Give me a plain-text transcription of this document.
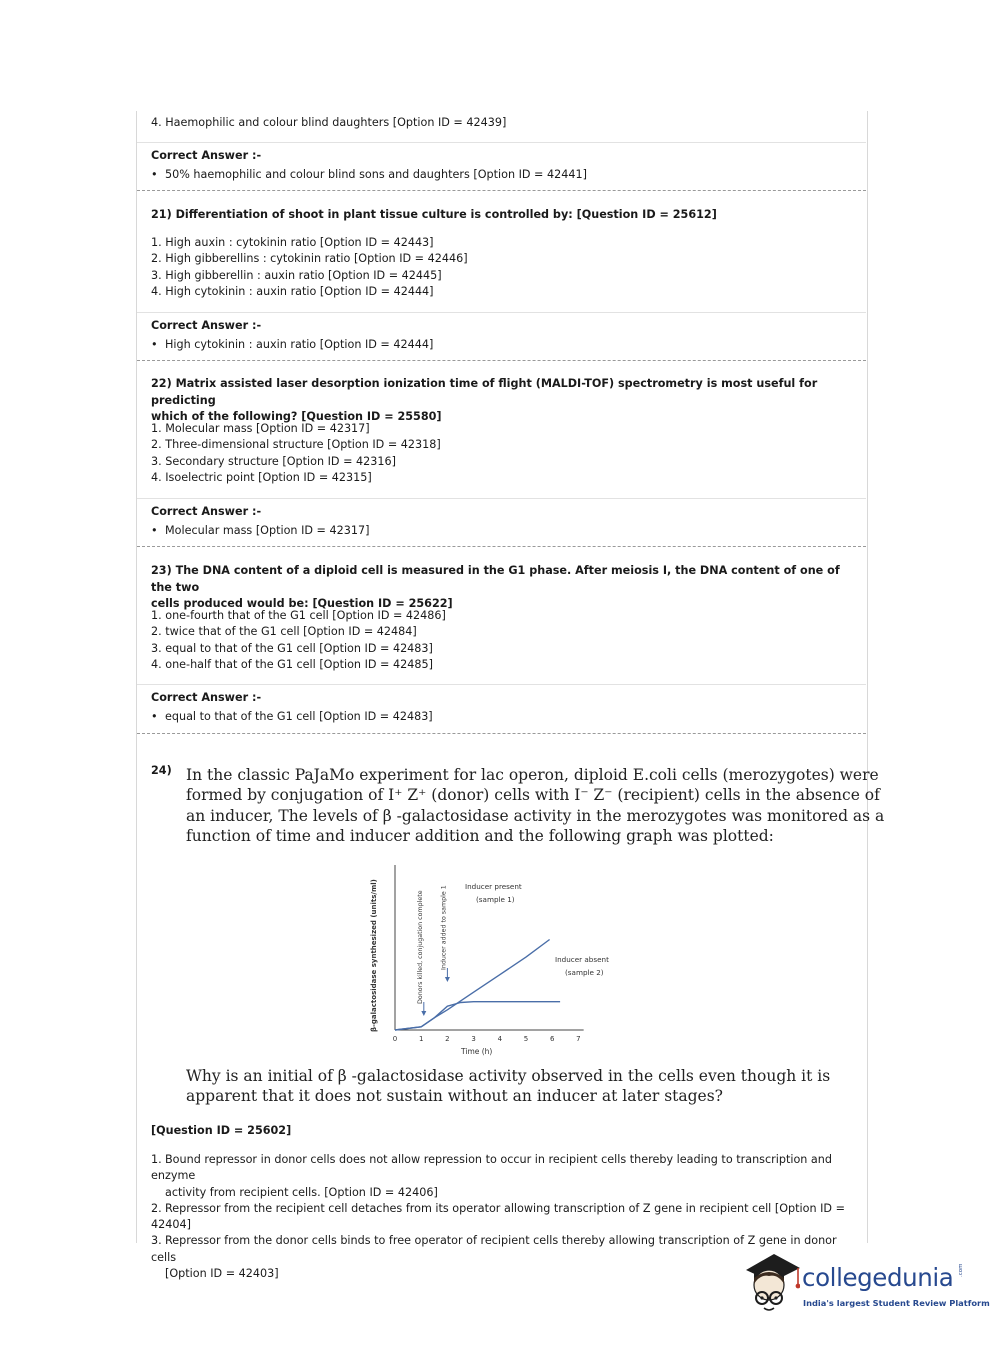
4. Haemophilic and colour blind daughters [Option ID = 42439]
Correct Answer :-
• 50% haemophilic and colour blind sons and daughters [Option ID = 42441]
21) Differentiation of shoot in plant tissue culture is controlled by: [Question ID = 25612]
1. High auxin : cytokinin ratio [Option ID = 42443]
2. High gibberellins : cytokinin ratio [Option ID = 42446]
3. High gibberellin : auxin ratio [Option ID = 42445]
4. High cytokinin : auxin ratio [Option ID = 42444]
Correct Answer :-
• High cytokinin : auxin ratio [Option ID = 42444]
22) Matrix assisted laser desorption ionization time of flight (MALDI-TOF) spectrometry is most useful for predicting
which of the following? [Question ID = 25580]
1. Molecular mass [Option ID = 42317]
2. Three-dimensional structure [Option ID = 42318]
3. Secondary structure [Option ID = 42316]
4. Isoelectric point [Option ID = 42315]
Correct Answer :-
• Molecular mass [Option ID = 42317]
23) The DNA content of a diploid cell is measured in the G1 phase. After meiosis I, the DNA content of one of the two
cells produced would be: [Question ID = 25622]
1. one-fourth that of the G1 cell [Option ID = 42486]
2. twice that of the G1 cell [Option ID = 42484]
3. equal to that of the G1 cell [Option ID = 42483]
4. one-half that of the G1 cell [Option ID = 42485]
Correct Answer :-
• equal to that of the G1 cell [Option ID = 42483]
24) In the classic PaJaMo experiment for lac operon, diploid E.coli cells (merozygotes) were
formed by conjugation of I⁺ Z⁺ (donor) cells with I⁻ Z⁻ (recipient) cells in the absence of
an inducer, The levels of β -galactosidase activity in the merozygotes was monitored as a
function of time and inducer addition and the following graph was plotted:
0	1	2	3	4	5	6	7
Time (h)
β-galactosidase synthesized (units/ml)	Donors killed, conjugation complete	Inducer added to sample 1 Inducer present
(sample 1)
Inducer absent
(sample 2)
Why is an initial of β -galactosidase activity observed in the cells even though it is
apparent that it does not sustain without an inducer at later stages?
[Question ID = 25602]
1. Bound repressor in donor cells does not allow repression to occur in recipient cells thereby leading to transcription and enzyme
activity from recipient cells. [Option ID = 42406]
2. Repressor from the recipient cell detaches from its operator allowing transcription of Z gene in recipient cell [Option ID = 42404]
3. Repressor from the donor cells binds to free operator of recipient cells thereby allowing transcription of Z gene in donor cells
[Option ID = 42403]	collegedunia .com
India's largest Student Review Platform
